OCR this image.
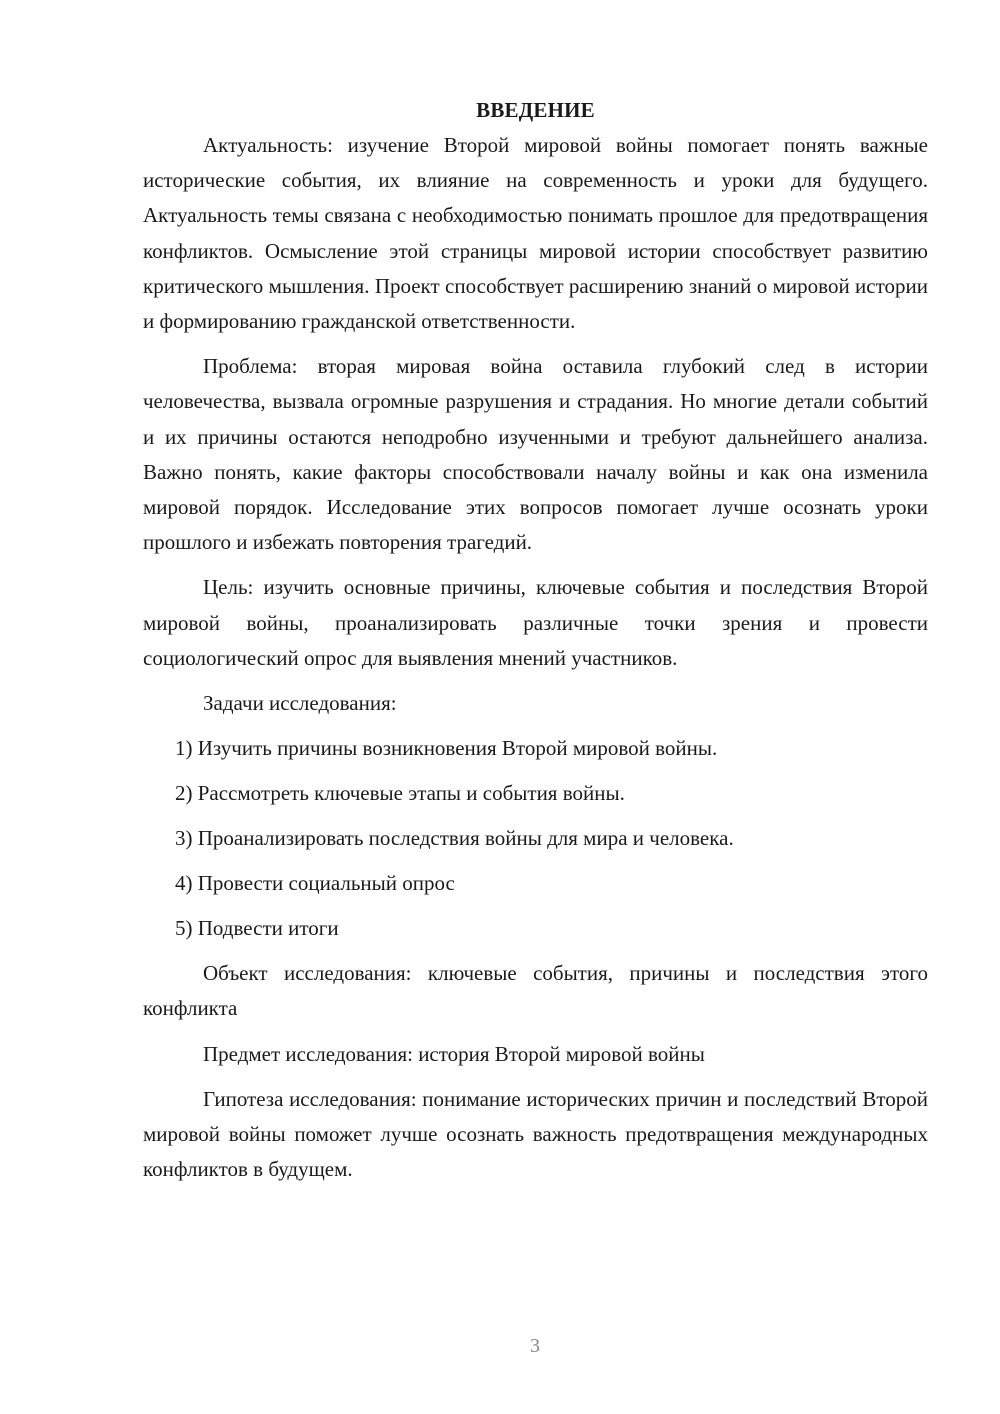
ВВЕДЕНИЕ

Актуальность: изучение Второй мировой войны помогает понять важные исторические события, их влияние на современность и уроки для будущего. Актуальность темы связана с необходимостью понимать прошлое для предотвращения конфликтов. Осмысление этой страницы мировой истории способствует развитию критического мышления. Проект способствует расширению знаний о мировой истории и формированию гражданской ответственности.

Проблема: вторая мировая война оставила глубокий след в истории человечества, вызвала огромные разрушения и страдания. Но многие детали событий и их причины остаются неподробно изученными и требуют дальнейшего анализа. Важно понять, какие факторы способствовали началу войны и как она изменила мировой порядок. Исследование этих вопросов помогает лучше осознать уроки прошлого и избежать повторения трагедий.

Цель: изучить основные причины, ключевые события и последствия Второй мировой войны, проанализировать различные точки зрения и провести социологический опрос для выявления мнений участников.

Задачи исследования:

1) Изучить причины возникновения Второй мировой войны.
2) Рассмотреть ключевые этапы и события войны.
3) Проанализировать последствия войны для мира и человека.
4) Провести социальный опрос
5) Подвести итоги

Объект исследования: ключевые события, причины и последствия этого конфликта

Предмет исследования: история Второй мировой войны

Гипотеза исследования: понимание исторических причин и последствий Второй мировой войны поможет лучше осознать важность предотвращения международных конфликтов в будущем.

3
